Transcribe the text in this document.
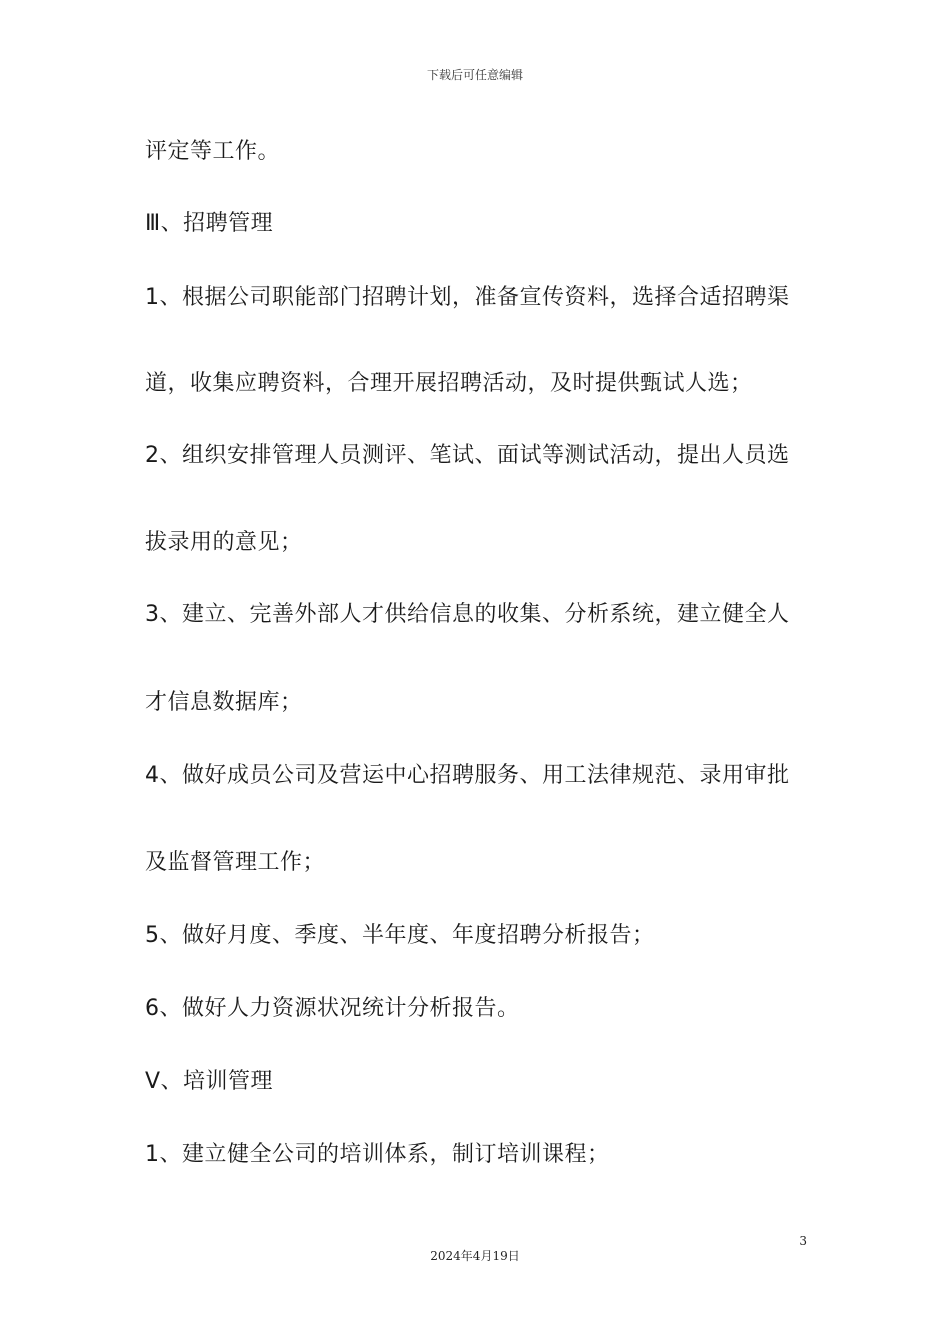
下载后可任意编辑
评定等工作。
Ⅲ、招聘管理
1、根据公司职能部门招聘计划，准备宣传资料，选择合适招聘渠
道，收集应聘资料，合理开展招聘活动，及时提供甄试人选；
2、组织安排管理人员测评、笔试、面试等测试活动，提出人员选
拔录用的意见；
3、建立、完善外部人才供给信息的收集、分析系统，建立健全人
才信息数据库；
4、做好成员公司及营运中心招聘服务、用工法律规范、录用审批
及监督管理工作；
5、做好月度、季度、半年度、年度招聘分析报告；
6、做好人力资源状况统计分析报告。
Ⅴ、培训管理
1、建立健全公司的培训体系，制订培训课程；
3
2024年4月19日
